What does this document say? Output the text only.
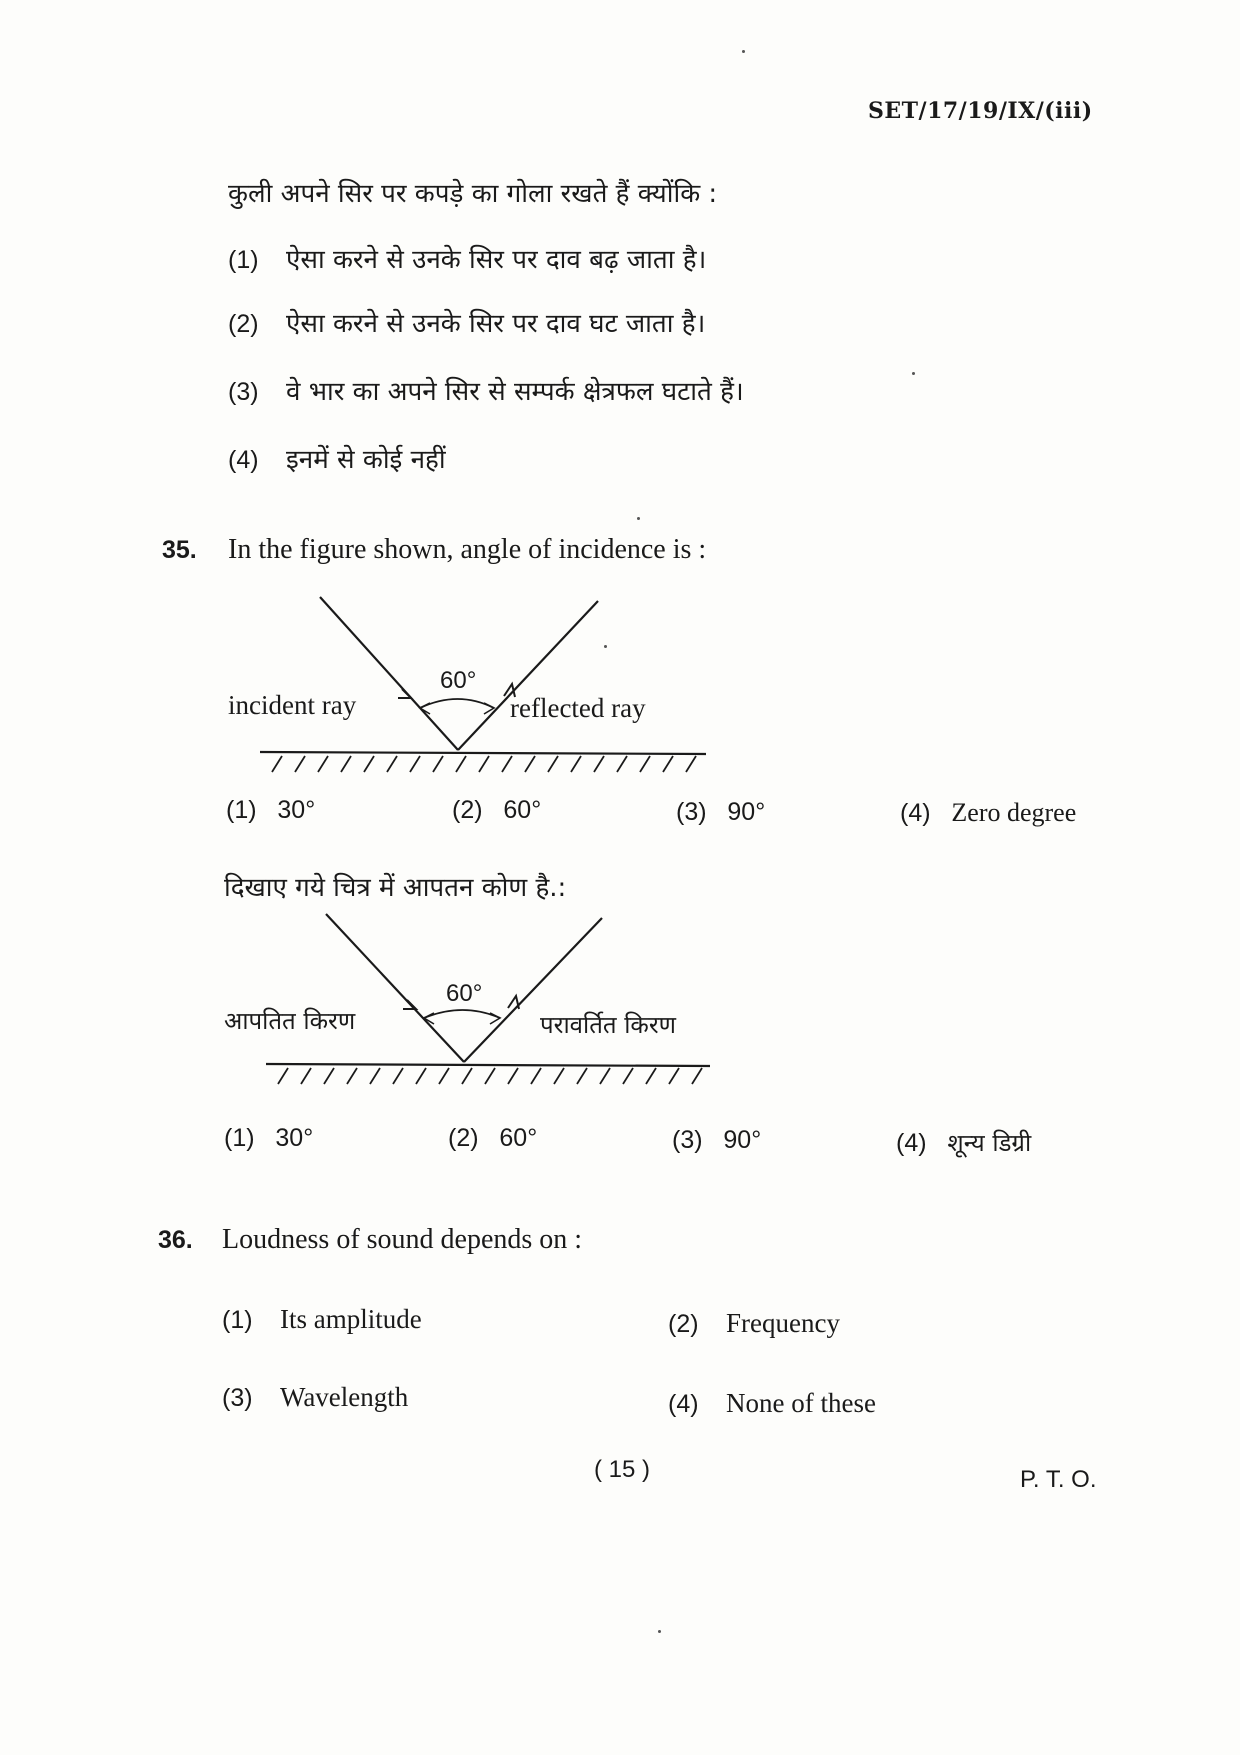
SET/17/19/IX/(iii)
कुली अपने सिर पर कपड़े का गोला रखते हैं क्योंकि :
(1) ऐसा करने से उनके सिर पर दाव बढ़ जाता है।
(2) ऐसा करने से उनके सिर पर दाव घट जाता है।
(3) वे भार का अपने सिर से सम्पर्क क्षेत्रफल घटाते हैं।
(4) इनमें से कोई नहीं
35. In the figure shown, angle of incidence is :
incident ray	reflected ray
60°
(1) 30°	(2) 60°	(3) 90°	(4) Zero degree
दिखाए गये चित्र में आपतन कोण है.:
आपतित किरण	परावर्तित किरण
60°
(1) 30°	(2) 60°	(3) 90°	(4) शून्य डिग्री
36. Loudness of sound depends on :
(1) Its amplitude	(2) Frequency
(3) Wavelength	(4) None of these
( 15 )	P. T. O.
